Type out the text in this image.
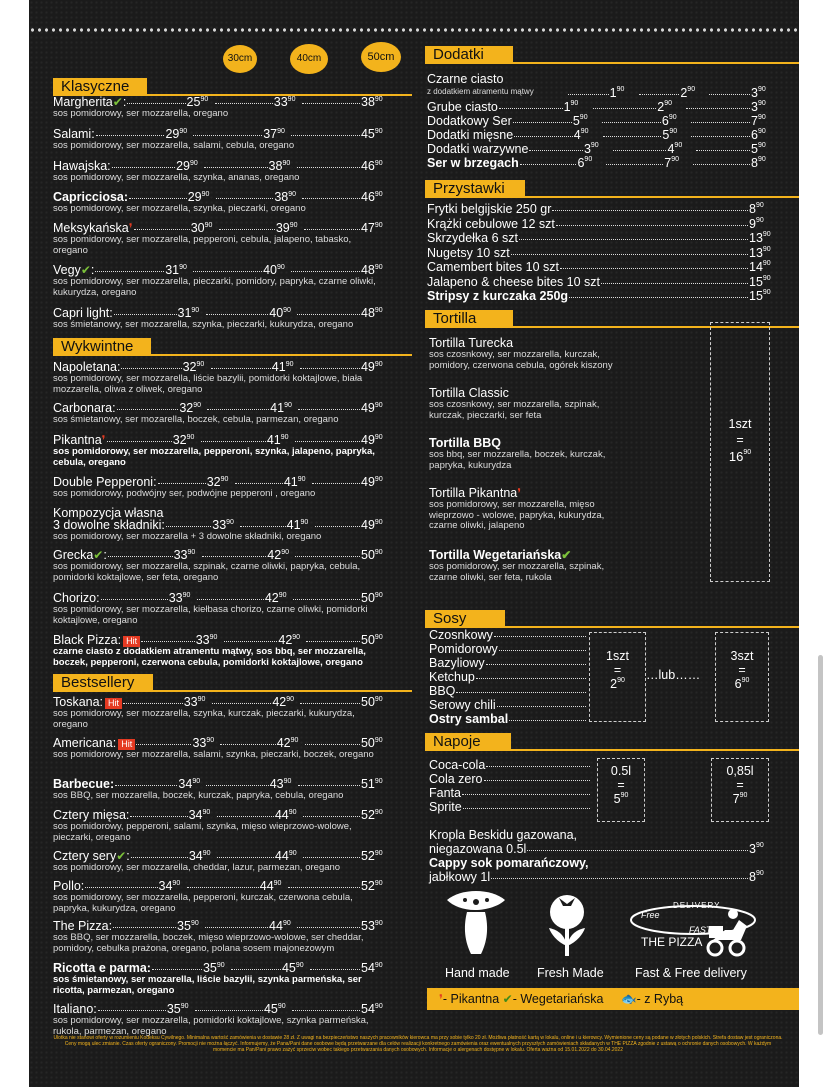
30cm	40cm	50cm
Klasyczne
Margherita ✔ :	$25^{90}$	$33^{90}$	$38^{90}$
sos pomidorowy, ser mozzarella, oregano
Salami:	$29^{90}$	$37^{90}$	$45^{90}$
sos pomidorowy, ser mozzarella, salami, cebula, oregano
Hawajska:	$29^{90}$	$38^{90}$	$46^{90}$
sos pomidorowy, ser mozzarella, szynka, ananas, oregano
Capricciosa:	$29^{90}$	$38^{90}$	$46^{90}$
sos pomidorowy, ser mozzarella, szynka, pieczarki, oregano
Meksykańska ❜	$30^{90}$	$39^{90}$	$47^{90}$
sos pomidorowy, ser mozzarella, pepperoni, cebula, jalapeno, tabasko, oregano
Vegy ✔ :	$31^{90}$	$40^{90}$	$48^{90}$
sos pomidorowy, ser mozzarella, pieczarki, pomidory, papryka, czarne oliwki, kukurydza, oregano
Capri light:	$31^{90}$	$40^{90}$	$48^{90}$
sos śmietanowy, ser mozzarella, szynka, pieczarki, kukurydza, oregano
Wykwintne
Napoletana:	$32^{90}$	$41^{90}$	$49^{90}$
sos pomidorowy, ser mozzarella, liście bazylii, pomidorki koktajlowe, biała mozzarella, oliwa z oliwek, oregano
Carbonara:	$32^{90}$	$41^{90}$	$49^{90}$
sos śmietanowy, ser mozarella, boczek, cebula, parmezan, oregano
Pikantna ❜	$32^{90}$	$41^{90}$	$49^{90}$
sos pomidorowy, ser mozzarella, pepperoni, szynka, jalapeno, papryka, cebula, oregano
Double Pepperoni:	$32^{90}$	$41^{90}$	$49^{90}$
sos pomidorowy, podwójny ser, podwójne pepperoni , oregano
Kompozycja własna
3 dowolne składniki:	$33^{90}$	$41^{90}$	$49^{90}$
sos pomidorowy, ser mozzarella + 3 dowolne składniki, oregano
Grecka ✔ :	$33^{90}$	$42^{90}$	$50^{90}$
sos pomidorowy, ser mozzarella, szpinak, czarne oliwki, papryka, cebula, pomidorki koktajlowe, ser feta, oregano
Chorizo:	$33^{90}$	$42^{90}$	$50^{90}$
sos pomidorowy, ser mozzarella, kiełbasa chorizo, czarne oliwki, pomidorki koktajlowe, oregano
Black Pizza: Hit	$33^{90}$	$42^{90}$	$50^{90}$
czarne ciasto z dodatkiem atramentu mątwy, sos bbq, ser mozzarella, boczek, pepperoni, czerwona cebula, pomidorki koktajlowe, oregano
Bestsellery
Toskana: Hit	$33^{90}$	$42^{90}$	$50^{90}$
sos pomidorowy, ser mozzarella, szynka, kurczak, pieczarki, kukurydza, oregano
Americana: Hit	$33^{90}$	$42^{90}$	$50^{90}$
sos pomidorowy, ser mozzarella, salami, szynka, pieczarki, boczek, oregano
Barbecue:	$34^{90}$	$43^{90}$	$51^{90}$
sos BBQ, ser mozzarella, boczek, kurczak, papryka, cebula, oregano
Cztery mięsa:	$34^{90}$	$44^{90}$	$52^{90}$
sos pomidorowy, pepperoni, salami, szynka, mięso wieprzowo-wolowe, pieczarki, oregano
Cztery sery ✔ :	$34^{90}$	$44^{90}$	$52^{90}$
sos pomidorowy, ser mozzarella, cheddar, lazur, parmezan, oregano
Pollo:	$34^{90}$	$44^{90}$	$52^{90}$
sos pomidorowy, ser mozzarella, pepperoni, kurczak, czerwona cebula, papryka, kukurydza, oregano
The Pizza:	$35^{90}$	$44^{90}$	$53^{90}$
sos BBQ, ser mozzarella, boczek, mięso wieprzowo-wolowe, ser cheddar, pomidory, cebulka prażona, oregano, polana sosem majonezowym
Ricotta e parma:	$35^{90}$	$45^{90}$	$54^{90}$
sos śmietanowy, ser mozarella, liście bazylii, szynka parmeńska, ser ricotta, parmezan, oregano
Italiano:	$35^{90}$	$45^{90}$	$54^{90}$
sos pomidorowy, ser mozzarella, pomidorki koktajlowe, szynka parmeńska, rukola, parmezan, oregano
Dodatki
Czarne ciasto
z dodatkiem atramentu mątwy	$1^{90}$	$2^{90}$	$3^{90}$
Grube ciasto	$1^{90}$	$2^{90}$	$3^{90}$
Dodatkowy Ser	$5^{90}$	$6^{90}$	$7^{90}$
Dodatki mięsne	$4^{90}$	$5^{90}$	$6^{90}$
Dodatki warzywne	$3^{90}$	$4^{90}$	$5^{90}$
Ser w brzegach	$6^{90}$	$7^{90}$	$8^{90}$
Przystawki
Frytki belgijskie 250 gr	$8^{90}$
Krążki cebulowe 12 szt	$9^{90}$
Skrzydełka 6 szt	$13^{90}$
Nugetsy 10 szt	$13^{90}$
Camembert bites 10 szt	$14^{90}$
Jalapeno & cheese bites 10 szt	$15^{90}$
Stripsy z kurczaka 250g	$15^{90}$
Tortilla
Tortilla Turecka
sos czosnkowy, ser mozzarella, kurczak, pomidory, czerwona cebula, ogórek kiszony
Tortilla Classic
sos czosnkowy, ser mozzarella, szpinak, kurczak, pieczarki, ser feta
Tortilla BBQ
sos bbq, ser mozzarella, boczek, kurczak, papryka, kukurydza
Tortilla Pikantna❜
sos pomidorowy, ser mozzarella, mięso wieprzowo - wolowe, papryka, kukurydza, czarne oliwki, jalapeno
Tortilla Wegetariańska✔
sos pomidorowy, ser mozzarella, szpinak, czarne oliwki, ser feta, rukola
1szt
=
$16^{90}$
Sosy
Czosnkowy
Pomidorowy
Bazyliowy
Ketchup
BBQ
Serowy chili
Ostry sambal
1szt
=
$2^{90}$	…lub……
3szt
=
$6^{90}$
Napoje
Coca-cola
Cola zero
Fanta
Sprite
0.5l
=
$5^{90}$
0,85l
=
$7^{90}$
Kropla Beskidu gazowana,
niegazowana 0.5l	$3^{90}$
Cappy sok pomarańczowy,
jabłkowy 1l	$8^{90}$
Free
DELIVERY
FAST
THE PIZZA
Hand made Fresh Made	Fast & Free delivery
❜- Pikantna ✔- Wegetariańska 🐟- z Rybą
Ulotka nie stanowi oferty w rozumieniu Kodeksu Cywilnego. Minimalna wartość zamówienia w dostawie 28 zł. Z uwagi na bezpieczeństwo naszych pracowników kierowca ma przy sobie tylko 20 zł. Możliwa płatność kartą w lokalu, online i u kierowcy. Wymienione ceny są podane w złotych polskich. Strefa dostaw jest ograniczona. Ceny mogą ulec zmianie. Czas oferty ograniczony. Promocji nie można łączyć. Informujemy, że Pana/Pani dane osobowe będą przetwarzane dla celów realizacji konkretnego zamówienia oraz ewentualnych przyszłych zamówieniach składanych w THE PIZZA zgodnie z ustawą o ochronie danych osobowych. W każdym momencie ma Pan/Pani prawo zażyć sprzeciw wobec takiego przetwarzania danych osobowych. Informacje o alergenach dostępne w lokalu. Oferta ważna od 15.01.2022 do 30.04.2022
